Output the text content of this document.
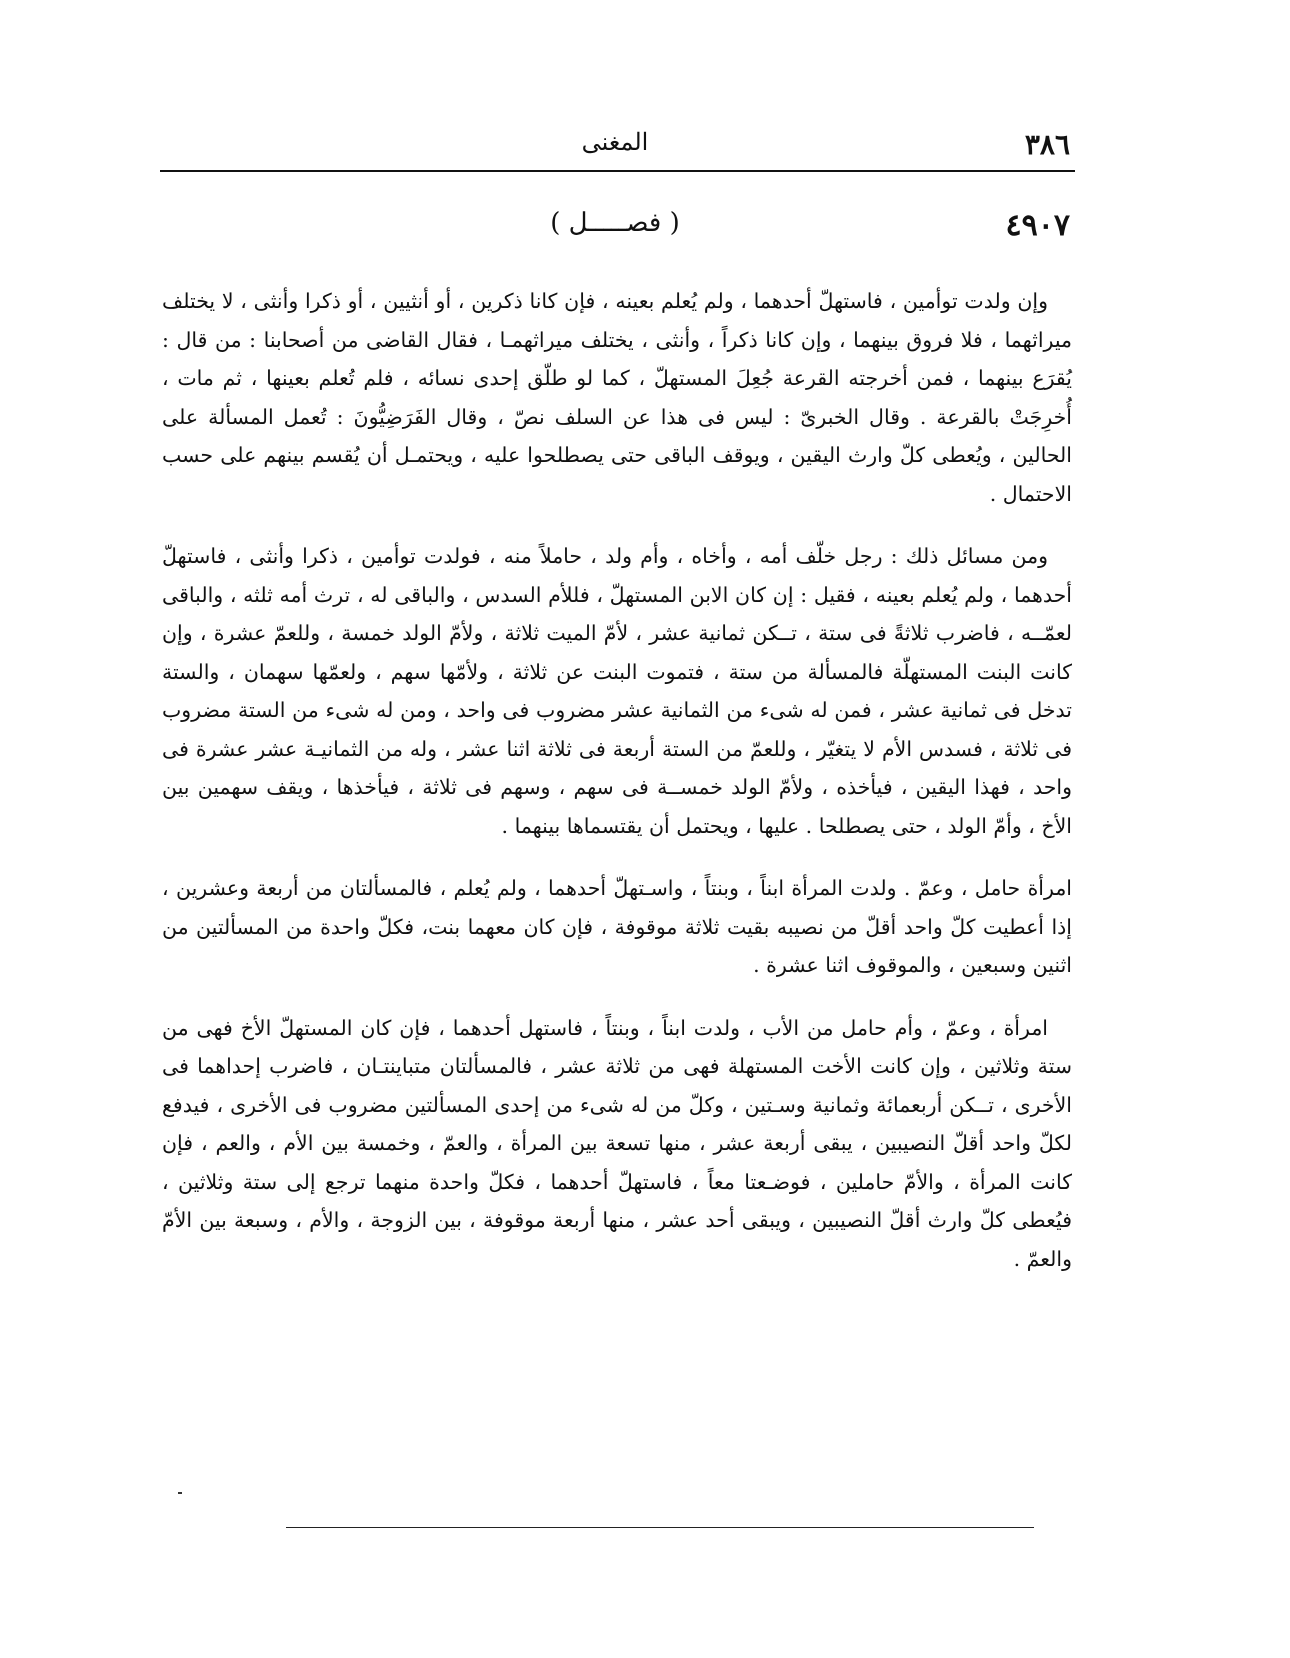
٣٨٦
المغنى
٤٩٠٧
( فصـــــل )

وإن ولدت توأمين ، فاستهلّ أحدهما ، ولم يُعلم بعينه ، فإن كانا ذكرين ، أو أنثيين ، أو ذكرا وأنثى ، لا يختلف ميراثهما ، فلا فروق بينهما ، وإن كانا ذكراً ، وأنثى ، يختلف ميراثهمـا ، فقال القاضى من أصحابنا : من قال : يُقرَع بينهما ، فمن أخرجته القرعة جُعِلَ المستهلّ ، كما لو طلّق إحدى نسائه ، فلم تُعلم بعينها ، ثم مات ، أُخرِجَتْ بالقرعة . وقال الخبرىّ : ليس فى هذا عن السلف نصّ ، وقال الفَرَضِيُّونَ : تُعمل المسألة على الحالين ، ويُعطى كلّ وارث اليقين ، ويوقف الباقى حتى يصطلحوا عليه ، ويحتمـل أن يُقسم بينهم على حسب الاحتمال .

ومن مسائل ذلك : رجل خلّف أمه ، وأخاه ، وأم ولد ، حاملاً منه ، فولدت توأمين ، ذكرا وأنثى ، فاستهلّ أحدهما ، ولم يُعلم بعينه ، فقيل : إن كان الابن المستهلّ ، فللأم السدس ، والباقى له ، ترث أمه ثلثه ، والباقى لعمّــه ، فاضرب ثلاثةً فى ستة ، تــكن ثمانية عشر ، لأمّ الميت ثلاثة ، ولأمّ الولد خمسة ، وللعمّ عشرة ، وإن كانت البنت المستهلّة فالمسألة من ستة ، فتموت البنت عن ثلاثة ، ولأمّها سهم ، ولعمّها سهمان ، والستة تدخل فى ثمانية عشر ، فمن له شىء من الثمانية عشر مضروب فى واحد ، ومن له شىء من الستة مضروب فى ثلاثة ، فسدس الأم لا يتغيّر ، وللعمّ من الستة أربعة فى ثلاثة اثنا عشر ، وله من الثمانيـة عشر عشرة فى واحد ، فهذا اليقين ، فيأخذه ، ولأمّ الولد خمســة فى سهم ، وسهم فى ثلاثة ، فيأخذها ، ويقف سهمين بين الأخ ، وأمّ الولد ، حتى يصطلحا . عليها ، ويحتمل أن يقتسماها بينهما .

امرأة حامل ، وعمّ . ولدت المرأة ابناً ، وبنتاً ، واسـتهلّ أحدهما ، ولم يُعلم ، فالمسألتان من أربعة وعشرين ، إذا أعطيت كلّ واحد أقلّ من نصيبه بقيت ثلاثة موقوفة ، فإن كان معهما بنت، فكلّ واحدة من المسألتين من اثنين وسبعين ، والموقوف اثنا عشرة .

امرأة ، وعمّ ، وأم حامل من الأب ، ولدت ابناً ، وبنتاً ، فاستهل أحدهما ، فإن كان المستهلّ الأخ فهى من ستة وثلاثين ، وإن كانت الأخت المستهلة فهى من ثلاثة عشر ، فالمسألتان متباينتـان ، فاضرب إحداهما فى الأخرى ، تــكن أربعمائة وثمانية وسـتين ، وكلّ من له شىء من إحدى المسألتين مضروب فى الأخرى ، فيدفع لكلّ واحد أقلّ النصيبين ، يبقى أربعة عشر ، منها تسعة بين المرأة ، والعمّ ، وخمسة بين الأم ، والعم ، فإن كانت المرأة ، والأمّ حاملين ، فوضـعتا معاً ، فاستهلّ أحدهما ، فكلّ واحدة منهما ترجع إلى ستة وثلاثين ، فيُعطى كلّ وارث أقلّ النصيبين ، ويبقى أحد عشر ، منها أربعة موقوفة ، بين الزوجة ، والأم ، وسبعة بين الأمّ والعمّ .
